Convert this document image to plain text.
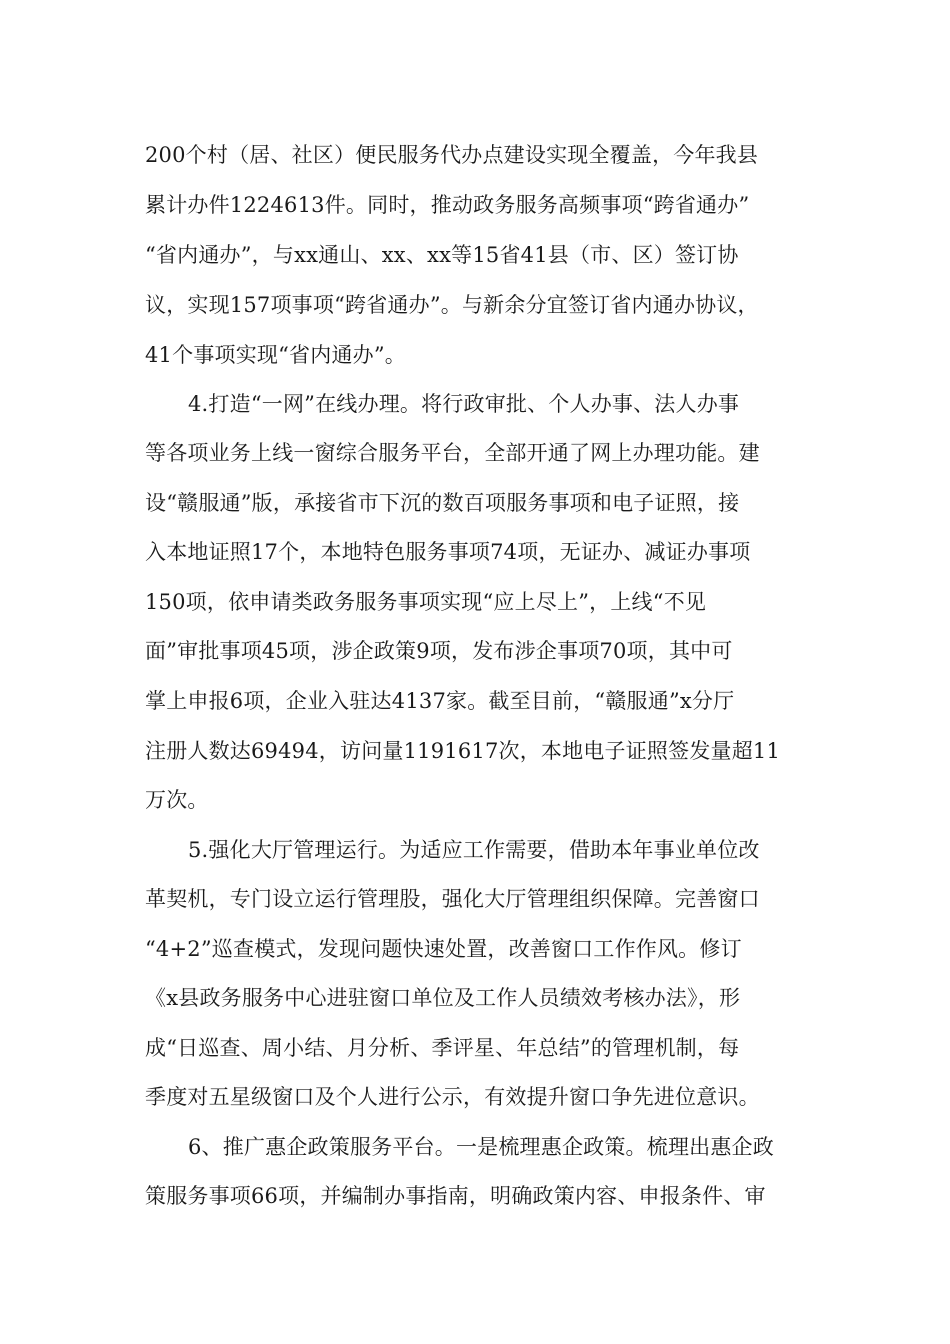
200个村（居、社区）便民服务代办点建设实现全覆盖，今年我县

累计办件1224613件。同时，推动政务服务高频事项“跨省通办”

“省内通办”，与xx通山、xx、xx等15省41县（市、区）签订协

议，实现157项事项“跨省通办”。与新余分宜签订省内通办协议，

41个事项实现“省内通办”。

4.打造“一网”在线办理。将行政审批、个人办事、法人办事

等各项业务上线一窗综合服务平台，全部开通了网上办理功能。建

设“赣服通”版，承接省市下沉的数百项服务事项和电子证照，接

入本地证照17个，本地特色服务事项74项，无证办、减证办事项

150项，依申请类政务服务事项实现“应上尽上”，上线“不见

面”审批事项45项，涉企政策9项，发布涉企事项70项，其中可

掌上申报6项，企业入驻达4137家。截至目前，“赣服通”x分厅

注册人数达69494，访问量1191617次，本地电子证照签发量超11

万次。

5.强化大厅管理运行。为适应工作需要，借助本年事业单位改

革契机，专门设立运行管理股，强化大厅管理组织保障。完善窗口

“4+2”巡查模式，发现问题快速处置，改善窗口工作作风。修订

《x县政务服务中心进驻窗口单位及工作人员绩效考核办法》，形

成“日巡查、周小结、月分析、季评星、年总结”的管理机制，每

季度对五星级窗口及个人进行公示，有效提升窗口争先进位意识。

6、推广惠企政策服务平台。一是梳理惠企政策。梳理出惠企政

策服务事项66项，并编制办事指南，明确政策内容、申报条件、审
